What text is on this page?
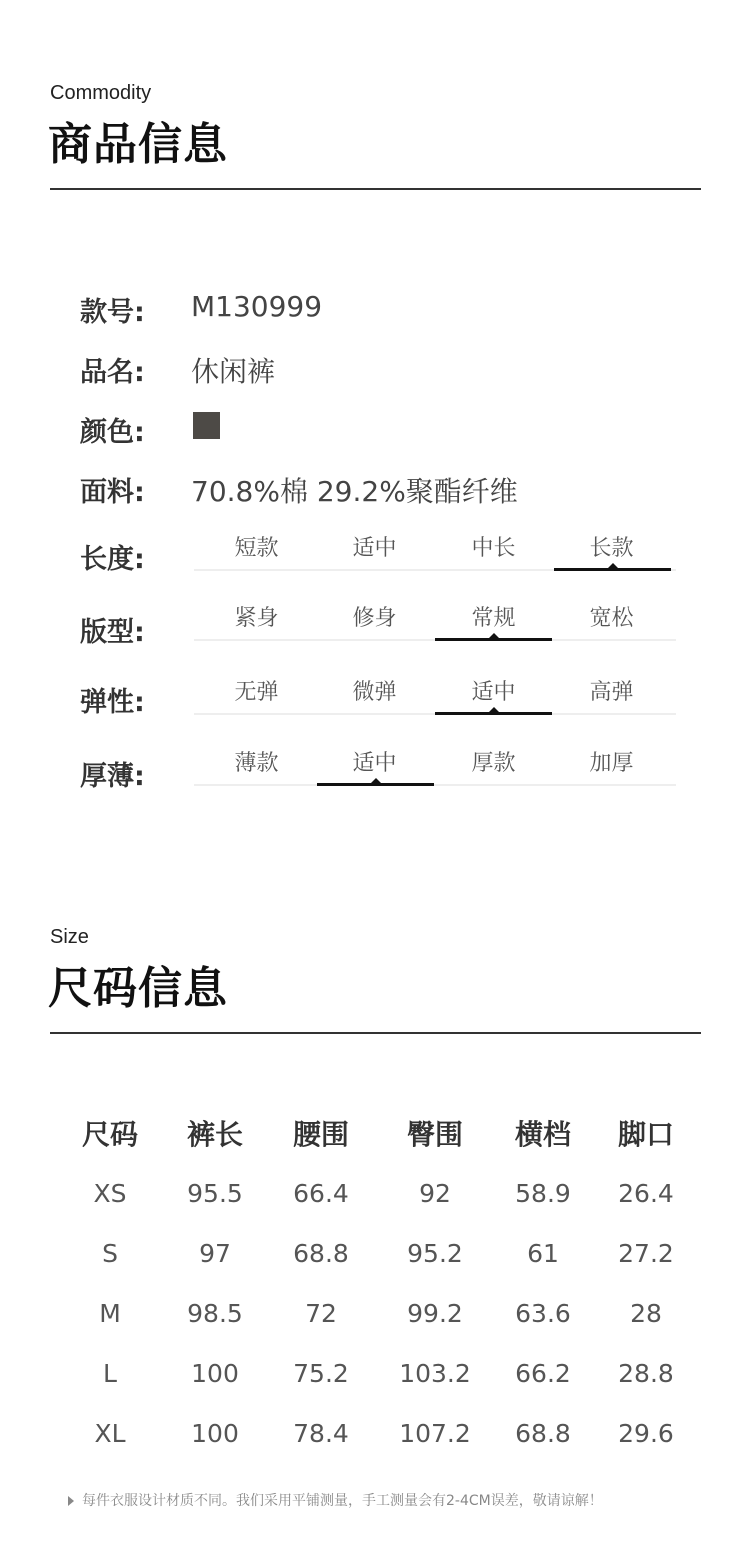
Commodity
商品信息
款号: M130999
品名: 休闲裤
颜色:
面料: 70.8%棉 29.2%聚酯纤维
长度:	短款	适中	中长	长款
版型:	紧身	修身	常规	宽松
弹性:	无弹	微弹	适中	高弹
厚薄:	薄款	适中	厚款	加厚
Size
尺码信息
尺码	裤长	腰围	臀围	横档	脚口
XS	95.5	66.4	92	58.9	26.4
S	97	68.8	95.2	61	27.2
M	98.5	72	99.2	63.6	28
L	100	75.2	103.2	66.2	28.8
XL	100	78.4	107.2	68.8	29.6
每件衣服设计材质不同。我们采用平铺测量，手工测量会有2-4CM误差，敬请谅解！
